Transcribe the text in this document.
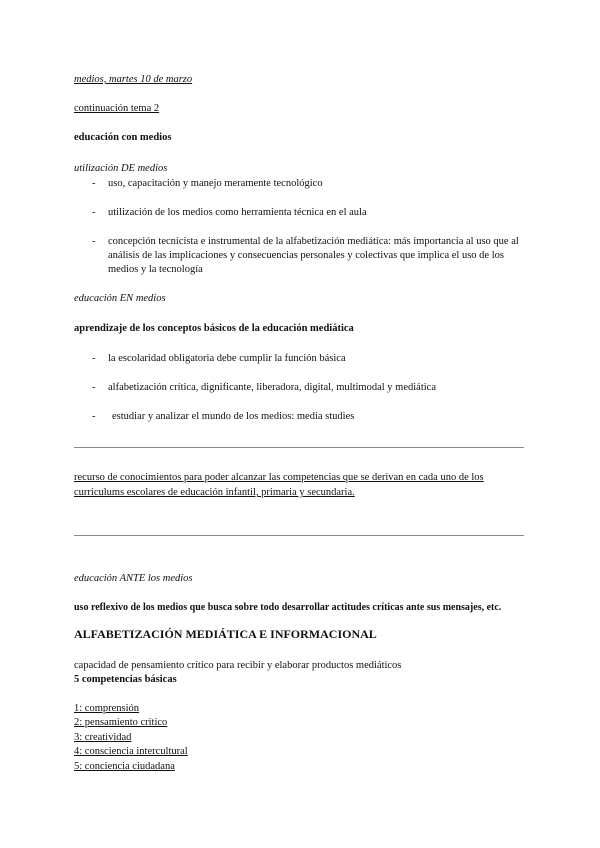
medios, martes 10 de marzo
continuación tema 2
educación con medios
utilización DE medios
- uso, capacitación y manejo meramente tecnológico
- utilización de los medios como herramienta técnica en el aula
- concepción tecnicista e instrumental de la alfabetización mediática: más importancia al uso que al análisis de las implicaciones y consecuencias personales y colectivas que implica el uso de los medios y la tecnología
educación EN medios
aprendizaje de los conceptos básicos de la educación mediática
- la escolaridad obligatoria debe cumplir la función básica
- alfabetización crítica, dignificante, liberadora, digital, multimodal y mediática
- estudiar y analizar el mundo de los medios: media studies
recurso de conocimientos para poder alcanzar las competencias que se derivan en cada uno de los curriculums escolares de educación infantil, primaria y secundaria.
educación ANTE los medios
uso reflexivo de los medios que busca sobre todo desarrollar actitudes críticas ante sus mensajes, etc.
ALFABETIZACIÓN MEDIÁTICA E INFORMACIONAL
capacidad de pensamiento crítico para recibir y elaborar productos mediáticos
5 competencias básicas
1: comprensión
2: pensamiento critico
3: creatividad
4: consciencia intercultural
5: conciencia ciudadana
